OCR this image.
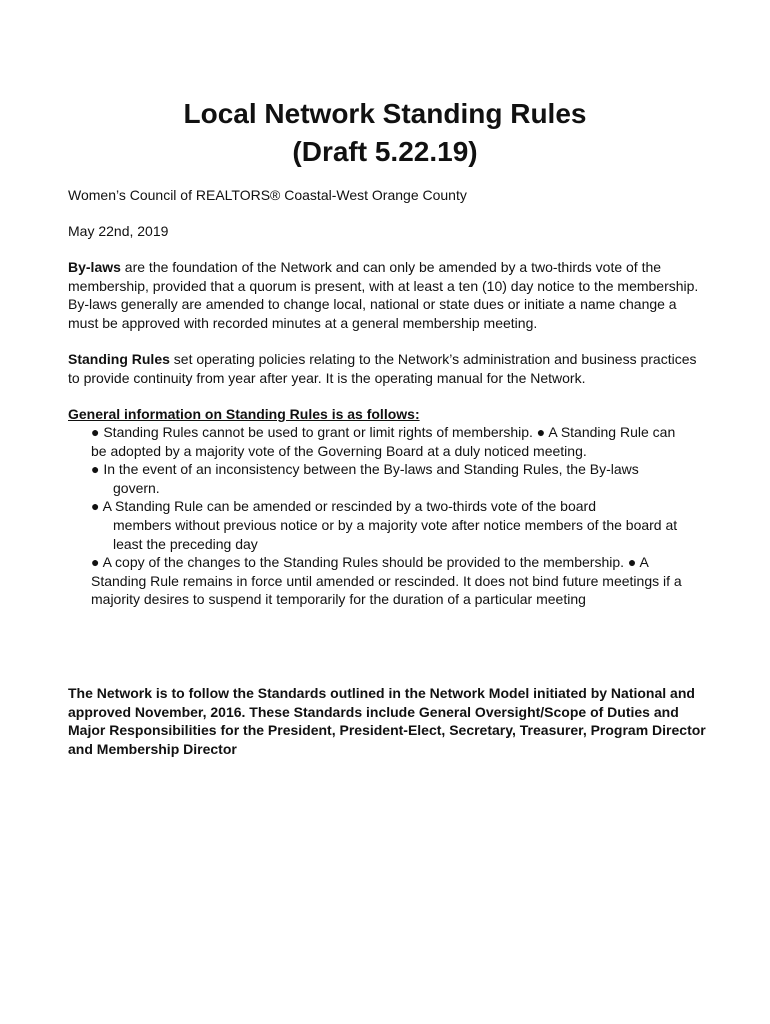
Local Network Standing Rules
(Draft 5.22.19)
Women’s Council of REALTORS® Coastal-West Orange County
May 22nd, 2019
By-laws are the foundation of the Network and can only be amended by a two-thirds vote of the membership, provided that a quorum is present, with at least a ten (10) day notice to the membership. By-laws generally are amended to change local, national or state dues or initiate a name change a must be approved with recorded minutes at a general membership meeting.
Standing Rules set operating policies relating to the Network’s administration and business practices to provide continuity from year after year. It is the operating manual for the Network.
General information on Standing Rules is as follows:
● Standing Rules cannot be used to grant or limit rights of membership. ● A Standing Rule can be adopted by a majority vote of the Governing Board at a duly noticed meeting.
● In the event of an inconsistency between the By-laws and Standing Rules, the By-laws
govern.
● A Standing Rule can be amended or rescinded by a two-thirds vote of the board
members without previous notice or by a majority vote after notice members of the board at least the preceding day
● A copy of the changes to the Standing Rules should be provided to the membership. ● A Standing Rule remains in force until amended or rescinded. It does not bind future meetings if a majority desires to suspend it temporarily for the duration of a particular meeting
The Network is to follow the Standards outlined in the Network Model initiated by National and approved November, 2016. These Standards include General Oversight/Scope of Duties and Major Responsibilities for the President, President-Elect, Secretary, Treasurer, Program Director and Membership Director
